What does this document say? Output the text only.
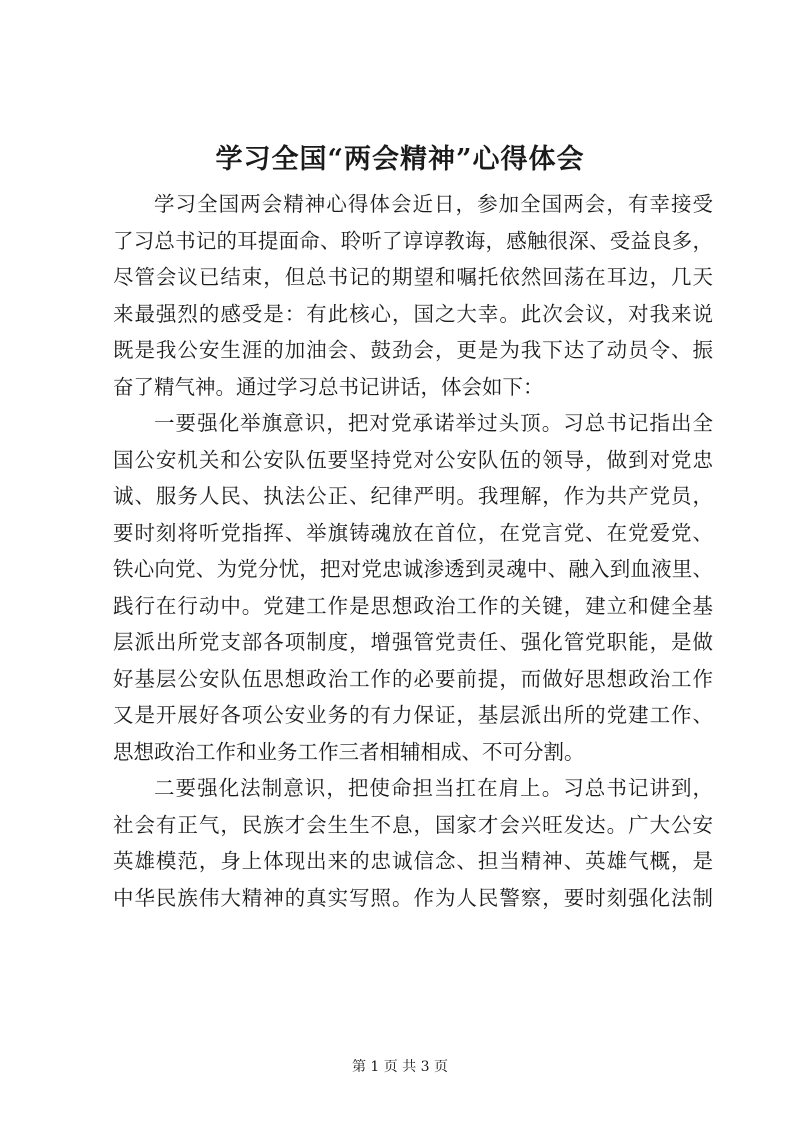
学习全国“两会精神”心得体会
学习全国两会精神心得体会近日，参加全国两会，有幸接受
了习总书记的耳提面命、聆听了谆谆教诲，感触很深、受益良多，
尽管会议已结束，但总书记的期望和嘱托依然回荡在耳边，几天
来最强烈的感受是：有此核心，国之大幸。此次会议，对我来说
既是我公安生涯的加油会、鼓劲会，更是为我下达了动员令、振
奋了精气神。通过学习总书记讲话，体会如下：
一要强化举旗意识，把对党承诺举过头顶。习总书记指出全
国公安机关和公安队伍要坚持党对公安队伍的领导，做到对党忠
诚、服务人民、执法公正、纪律严明。我理解，作为共产党员，
要时刻将听党指挥、举旗铸魂放在首位，在党言党、在党爱党、
铁心向党、为党分忧，把对党忠诚渗透到灵魂中、融入到血液里、
践行在行动中。党建工作是思想政治工作的关键，建立和健全基
层派出所党支部各项制度，增强管党责任、强化管党职能，是做
好基层公安队伍思想政治工作的必要前提，而做好思想政治工作
又是开展好各项公安业务的有力保证，基层派出所的党建工作、
思想政治工作和业务工作三者相辅相成、不可分割。
二要强化法制意识，把使命担当扛在肩上。习总书记讲到，
社会有正气，民族才会生生不息，国家才会兴旺发达。广大公安
英雄模范，身上体现出来的忠诚信念、担当精神、英雄气概，是
中华民族伟大精神的真实写照。作为人民警察，要时刻强化法制
第 1 页 共 3 页
